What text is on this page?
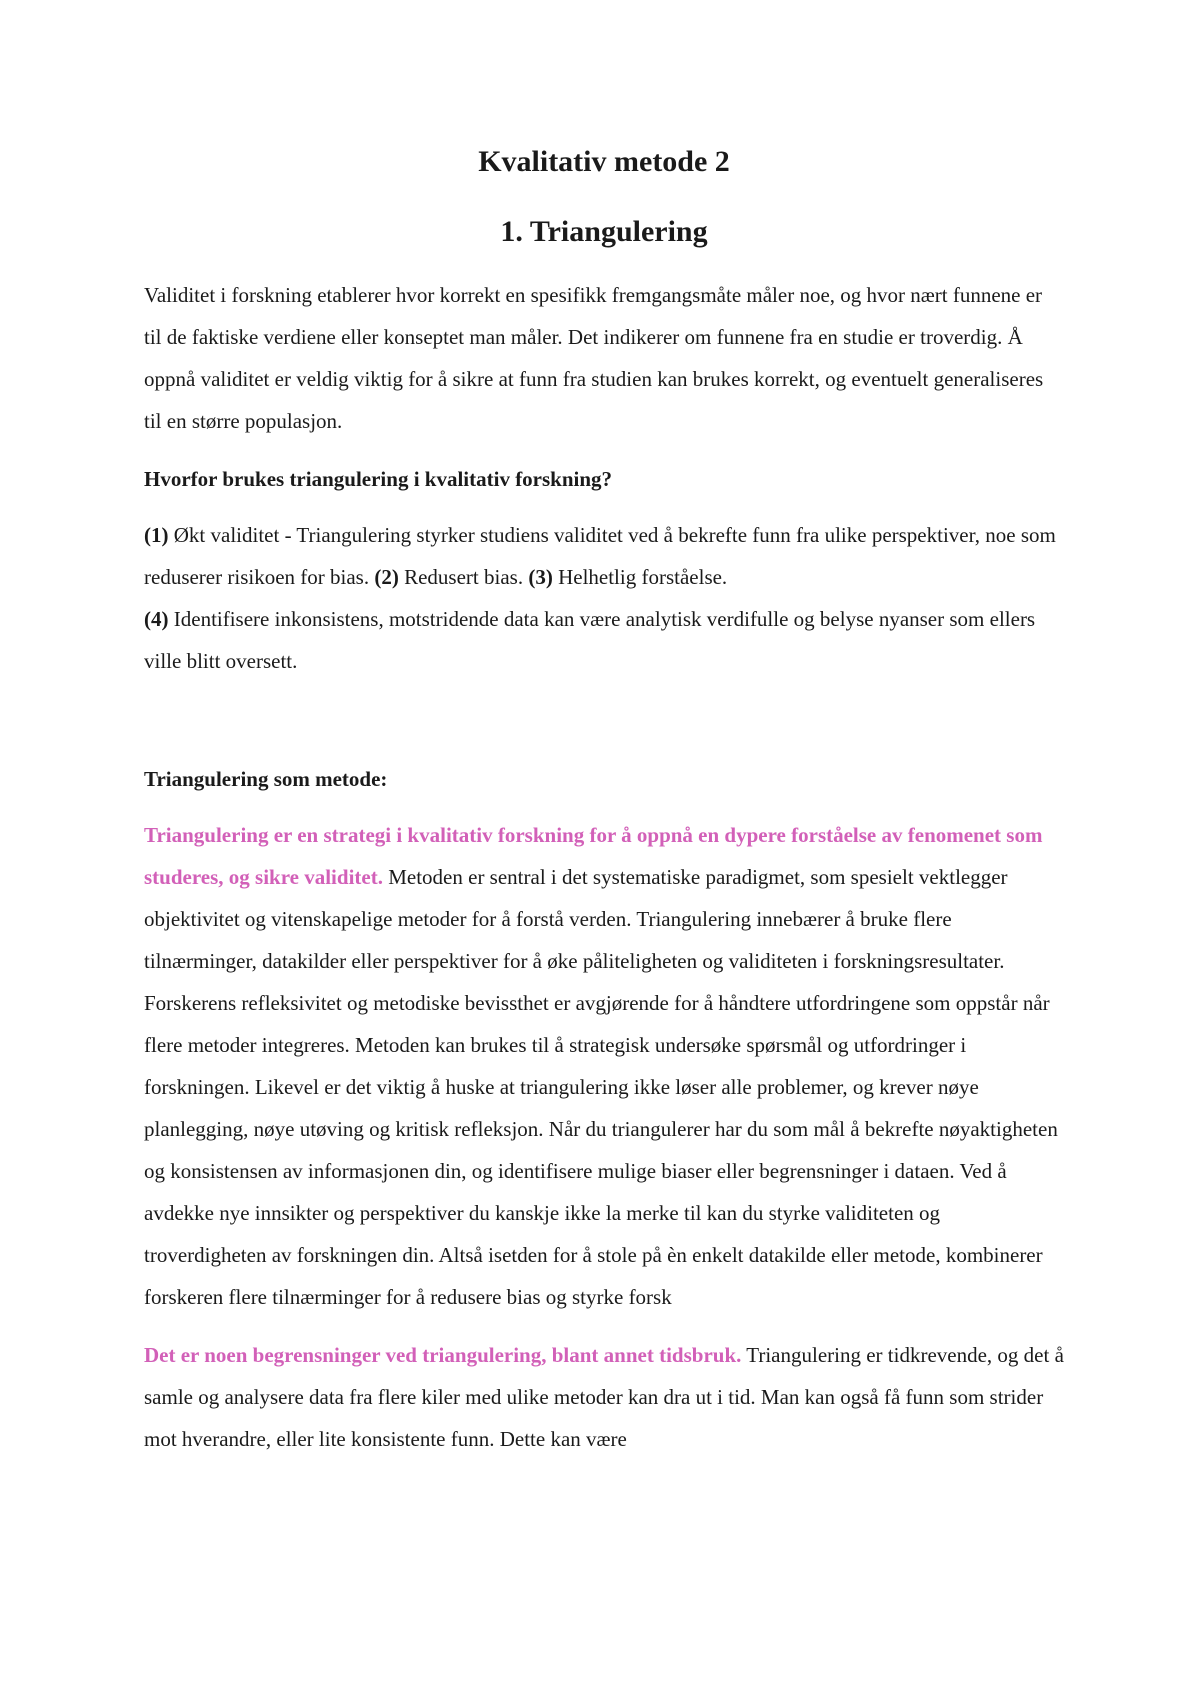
Kvalitativ metode 2
1. Triangulering

Validitet i forskning etablerer hvor korrekt en spesifikk fremgangsmåte måler noe, og hvor nært funnene er til de faktiske verdiene eller konseptet man måler. Det indikerer om funnene fra en studie er troverdig. Å oppnå validitet er veldig viktig for å sikre at funn fra studien kan brukes korrekt, og eventuelt generaliseres til en større populasjon.

Hvorfor brukes triangulering i kvalitativ forskning?

(1) Økt validitet - Triangulering styrker studiens validitet ved å bekrefte funn fra ulike perspektiver, noe som reduserer risikoen for bias. (2) Redusert bias. (3) Helhetlig forståelse.
(4) Identifisere inkonsistens, motstridende data kan være analytisk verdifulle og belyse nyanser som ellers ville blitt oversett.

Triangulering som metode:

Triangulering er en strategi i kvalitativ forskning for å oppnå en dypere forståelse av fenomenet som studeres, og sikre validitet. Metoden er sentral i det systematiske paradigmet, som spesielt vektlegger objektivitet og vitenskapelige metoder for å forstå verden. Triangulering innebærer å bruke flere tilnærminger, datakilder eller perspektiver for å øke påliteligheten og validiteten i forskningsresultater. Forskerens refleksivitet og metodiske bevissthet er avgjørende for å håndtere utfordringene som oppstår når flere metoder integreres. Metoden kan brukes til å strategisk undersøke spørsmål og utfordringer i forskningen. Likevel er det viktig å huske at triangulering ikke løser alle problemer, og krever nøye planlegging, nøye utøving og kritisk refleksjon. Når du triangulerer har du som mål å bekrefte nøyaktigheten og konsistensen av informasjonen din, og identifisere mulige biaser eller begrensninger i dataen. Ved å avdekke nye innsikter og perspektiver du kanskje ikke la merke til kan du styrke validiteten og troverdigheten av forskningen din. Altså isetden for å stole på èn enkelt datakilde eller metode, kombinerer forskeren flere tilnærminger for å redusere bias og styrke forsk

Det er noen begrensninger ved triangulering, blant annet tidsbruk. Triangulering er tidkrevende, og det å samle og analysere data fra flere kiler med ulike metoder kan dra ut i tid. Man kan også få funn som strider mot hverandre, eller lite konsistente funn. Dette kan være
